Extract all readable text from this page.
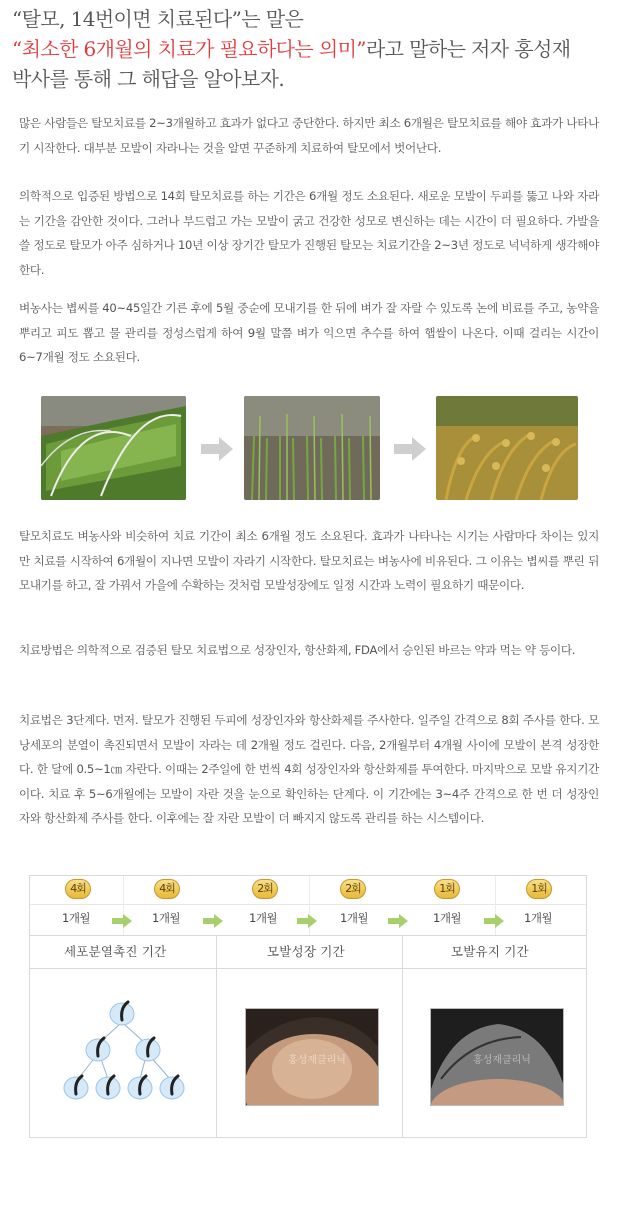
“탈모, 14번이면 치료된다”는 말은
“최소한 6개월의 치료가 필요하다는 의미”라고 말하는 저자 홍성재
박사를 통해 그 해답을 알아보자.
많은 사람들은 탈모치료를 2~3개월하고 효과가 없다고 중단한다. 하지만 최소 6개월은 탈모치료를 해야 효과가 나타나기 시작한다. 대부분 모발이 자라나는 것을 알면 꾸준하게 치료하여 탈모에서 벗어난다.
의학적으로 입증된 방법으로 14회 탈모치료를 하는 기간은 6개월 정도 소요된다. 새로운 모발이 두피를 뚫고 나와 자라는 기간을 감안한 것이다. 그러나 부드럽고 가는 모발이 굵고 건강한 성모로 변신하는 데는 시간이 더 필요하다. 가발을 쓸 정도로 탈모가 아주 심하거나 10년 이상 장기간 탈모가 진행된 탈모는 치료기간을 2~3년 정도로 넉넉하게 생각해야 한다.
벼농사는 볍씨를 40~45일간 기른 후에 5월 중순에 모내기를 한 뒤에 벼가 잘 자랄 수 있도록 논에 비료를 주고, 농약을 뿌리고 피도 뽑고 물 관리를 정성스럽게 하여 9월 말쯤 벼가 익으면 추수를 하여 햅쌀이 나온다. 이때 걸리는 시간이 6~7개월 정도 소요된다.
탈모치료도 벼농사와 비슷하여 치료 기간이 최소 6개월 정도 소요된다. 효과가 나타나는 시기는 사람마다 차이는 있지만 치료를 시작하여 6개월이 지나면 모발이 자라기 시작한다. 탈모치료는 벼농사에 비유된다. 그 이유는 볍씨를 뿌린 뒤 모내기를 하고, 잘 가꿔서 가을에 수확하는 것처럼 모발성장에도 일정 시간과 노력이 필요하기 때문이다.
치료방법은 의학적으로 검증된 탈모 치료법으로 성장인자, 항산화제, FDA에서 승인된 바르는 약과 먹는 약 등이다.
치료법은 3단계다. 먼저. 탈모가 진행된 두피에 성장인자와 항산화제를 주사한다. 일주일 간격으로 8회 주사를 한다. 모낭세포의 분열이 촉진되면서 모발이 자라는 데 2개월 정도 걸린다. 다음, 2개월부터 4개월 사이에 모발이 본격 성장한다. 한 달에 0.5~1㎝ 자란다. 이때는 2주일에 한 번씩 4회 성장인자와 항산화제를 투여한다. 마지막으로 모발 유지기간이다. 치료 후 5~6개월에는 모발이 자란 것을 눈으로 확인하는 단계다. 이 기간에는 3~4주 간격으로 한 번 더 성장인자와 항산화제 주사를 한다. 이후에는 잘 자란 모발이 더 빠지지 않도록 관리를 하는 시스템이다.
4회	4회	2회	2회	1회	1회
1개월	1개월	1개월	1개월	1개월	1개월
세포분열촉진 기간	모발성장 기간	모발유지 기간
홍성재클리닉	홍성재클리닉
